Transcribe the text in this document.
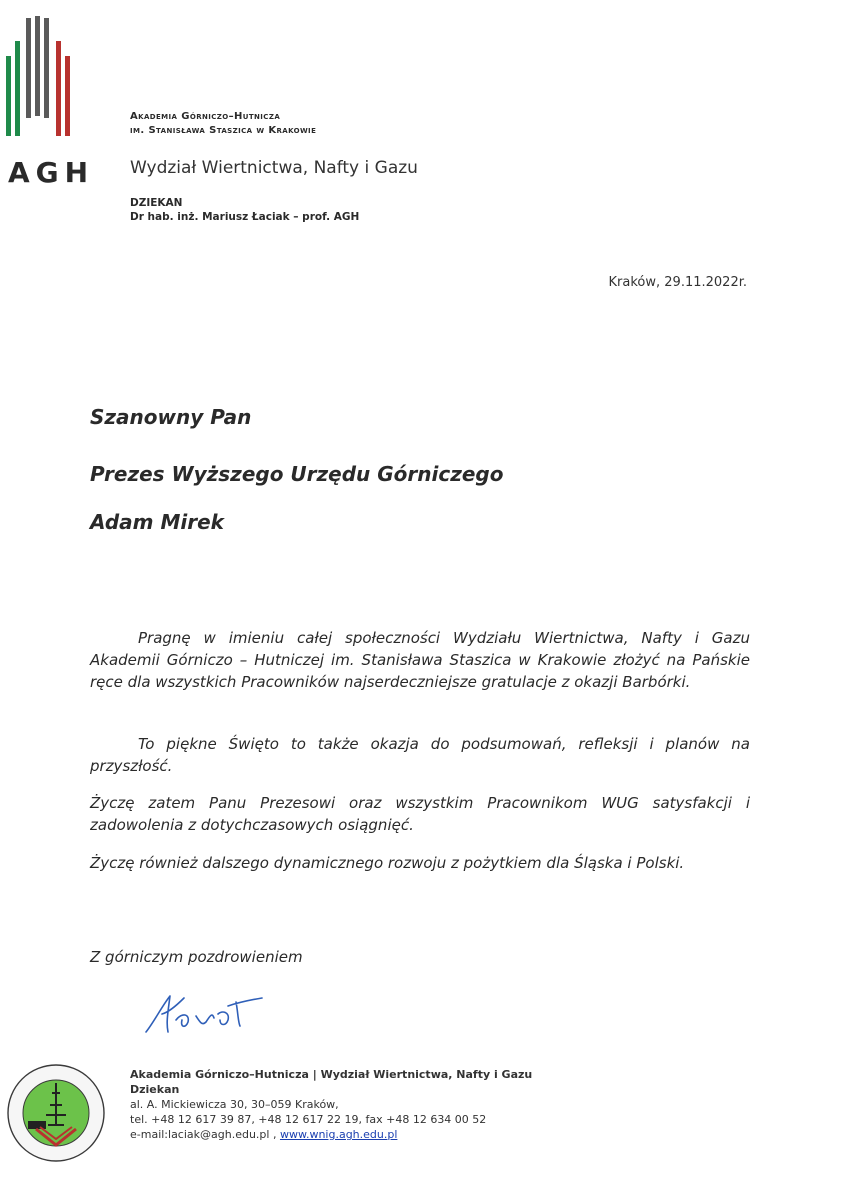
AGH
Akademia Górniczo–Hutnicza
im. Stanisława Staszica w Krakowie
Wydział Wiertnictwa, Nafty i Gazu
DZIEKAN
Dr hab. inż. Mariusz Łaciak – prof. AGH
Kraków, 29.11.2022r.
Szanowny Pan
Prezes Wyższego Urzędu Górniczego
Adam Mirek
Pragnę w imieniu całej społeczności Wydziału Wiertnictwa, Nafty i Gazu Akademii Górniczo – Hutniczej im. Stanisława Staszica w Krakowie złożyć na Pańskie ręce dla wszystkich Pracowników najserdeczniejsze gratulacje z okazji Barbórki.
To piękne Święto to także okazja do podsumowań, refleksji i planów na przyszłość.
Życzę zatem Panu Prezesowi oraz wszystkim Pracownikom WUG satysfakcji i zadowolenia z dotychczasowych osiągnięć.
Życzę również dalszego dynamicznego rozwoju z pożytkiem dla Śląska i Polski.
Z górniczym pozdrowieniem
Akademia Górniczo–Hutnicza | Wydział Wiertnictwa, Nafty i Gazu
Dziekan
al. A. Mickiewicza 30, 30–059 Kraków,
tel. +48 12 617 39 87, +48 12 617 22 19, fax +48 12 634 00 52
e-mail:laciak@agh.edu.pl , www.wnig.agh.edu.pl
